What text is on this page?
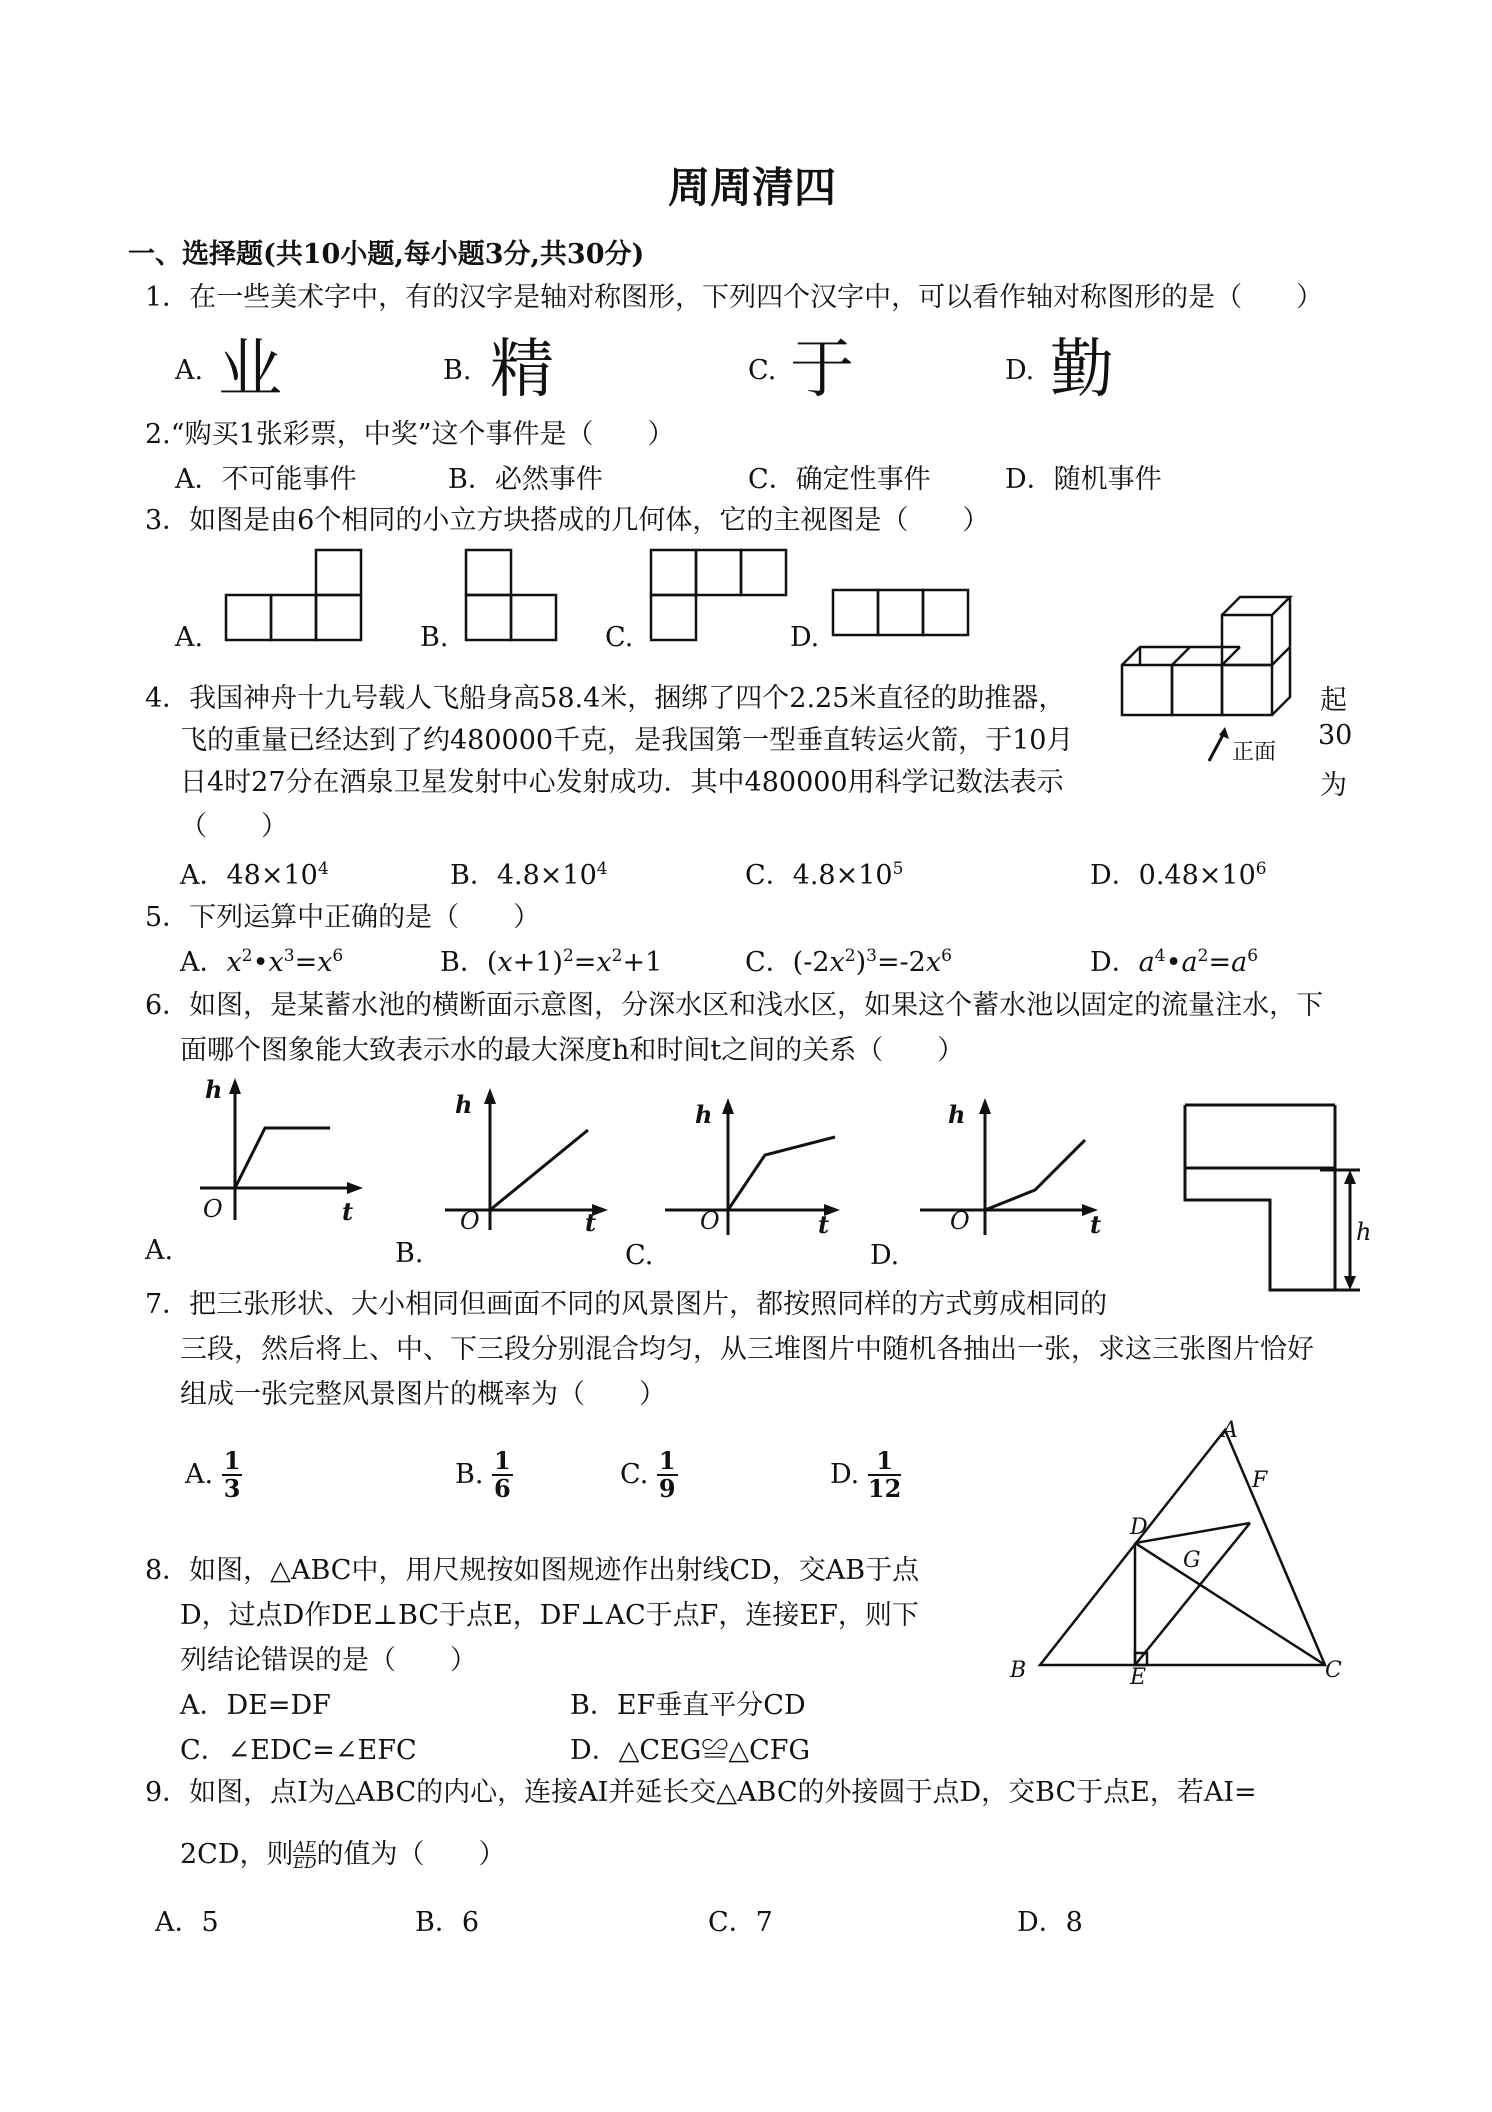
周周清四
一、选择题(共10小题,每小题3分,共30分)
1．在一些美术字中，有的汉字是轴对称图形，下列四个汉字中，可以看作轴对称图形的是（　　）
A. 业	B. 精	C. 于	D. 勤
2.“购买1张彩票，中奖”这个事件是（　　）
A．不可能事件	B．必然事件	C．确定性事件	D．随机事件
3．如图是由6个相同的小立方块搭成的几何体，它的主视图是（　　）
A.	B.	C.	D.
正面
4．我国神舟十九号载人飞船身高58.4米，捆绑了四个2.25米直径的助推器，
飞的重量已经达到了约480000千克，是我国第一型垂直转运火箭，于10月
日4时27分在酒泉卫星发射中心发射成功．其中480000用科学记数法表示
（　　）
起
30
为
A．$48\times 10^4$	B．$4.8\times 10^4$	C．$4.8\times 10^5$	D．$0.48\times 10^6$
5．下列运算中正确的是（　　）
A．$x^2•x^3=x^6$	B．$(x+1)^2=x^2+1$	C．$(-2x^2)^3=-2x^6$	D．$a^4•a^2=a^6$
6．如图，是某蓄水池的横断面示意图，分深水区和浅水区，如果这个蓄水池以固定的流量注水，下
面哪个图象能大致表示水的最大深度h和时间t之间的关系（　　）
h
O	t
A.
h
O	t
B.
h
O	t
C.
h
O	t
D.
h
7．把三张形状、大小相同但画面不同的风景图片，都按照同样的方式剪成相同的
三段，然后将上、中、下三段分别混合均匀，从三堆图片中随机各抽出一张，求这三张图片恰好
组成一张完整风景图片的概率为（　　）
A. $\frac{1}{3}$	B. $\frac{1}{6}$	C. $\frac{1}{9}$	D. $\frac{1}{12}$
A
B	C
D
E
F
G
8．如图，△ABC中，用尺规按如图规迹作出射线CD，交AB于点
D，过点D作DE⊥BC于点E，DF⊥AC于点F，连接EF，则下
列结论错误的是（　　）
A．DE=DF	B．EF垂直平分CD
C．∠EDC=∠EFC	D．△CEG≌△CFG
9．如图，点I为△ABC的内心，连接AI并延长交△ABC的外接圆于点D，交BC于点E，若AI=
2CD，则 $\frac{AE}{ED}$ 的值为（　　）
A．5	B．6	C．7	D．8
